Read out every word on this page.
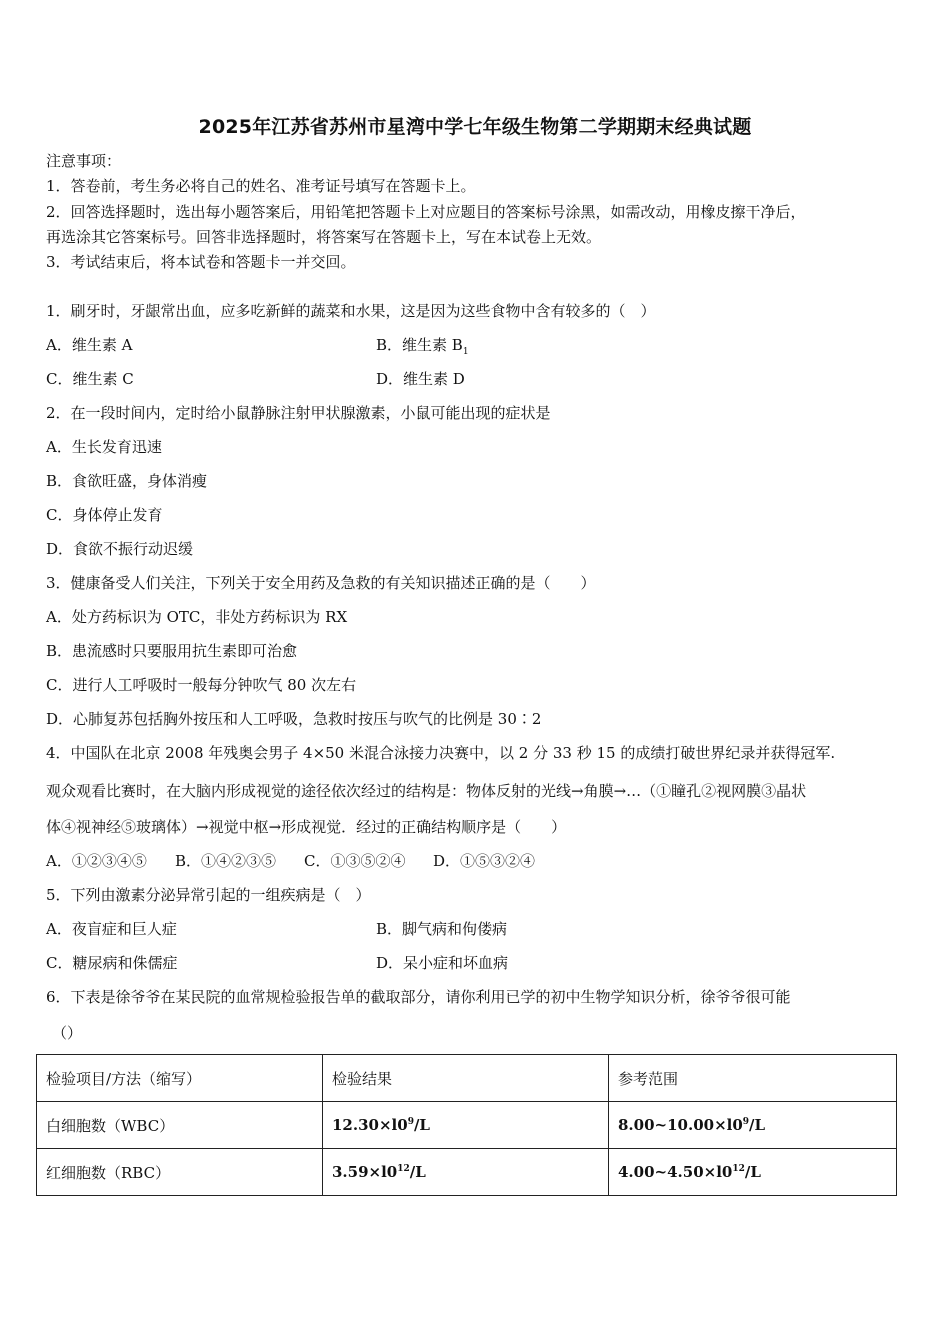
2025年江苏省苏州市星湾中学七年级生物第二学期期末经典试题
注意事项：
1．答卷前，考生务必将自己的姓名、准考证号填写在答题卡上。
2．回答选择题时，选出每小题答案后，用铅笔把答题卡上对应题目的答案标号涂黑，如需改动，用橡皮擦干净后，
再选涂其它答案标号。回答非选择题时，将答案写在答题卡上，写在本试卷上无效。
3．考试结束后，将本试卷和答题卡一并交回。
1．刷牙时，牙龈常出血，应多吃新鲜的蔬菜和水果，这是因为这些食物中含有较多的（　）
A．维生素 A	B．维生素 $B_1$
C．维生素 C	D．维生素 D
2．在一段时间内，定时给小鼠静脉注射甲状腺激素，小鼠可能出现的症状是
A．生长发育迅速
B．食欲旺盛，身体消瘦
C．身体停止发育
D．食欲不振行动迟缓
3．健康备受人们关注，下列关于安全用药及急救的有关知识描述正确的是（　　）
A．处方药标识为 OTC，非处方药标识为 RX
B．患流感时只要服用抗生素即可治愈
C．进行人工呼吸时一般每分钟吹气 80 次左右
D．心肺复苏包括胸外按压和人工呼吸，急救时按压与吹气的比例是 30∶2
4．中国队在北京 2008 年残奥会男子 4×50 米混合泳接力决赛中，以 2 分 33 秒 15 的成绩打破世界纪录并获得冠军.
观众观看比赛时，在大脑内形成视觉的途径依次经过的结构是：物体反射的光线→角膜→…（①瞳孔②视网膜③晶状
体④视神经⑤玻璃体）→视觉中枢→形成视觉．经过的正确结构顺序是（　　）
A．①②③④⑤ B．①④②③⑤ C．①③⑤②④ D．①⑤③②④
5．下列由激素分泌异常引起的一组疾病是（　）
A．夜盲症和巨人症	B．脚气病和佝偻病
C．糖尿病和侏儒症	D．呆小症和坏血病
6．下表是徐爷爷在某民院的血常规检验报告单的截取部分，请你利用已学的初中生物学知识分析，徐爷爷很可能
（）
检验项目/方法（缩写）	检验结果	参考范围
白细胞数（WBC）	$12.30\times l0^9/L$	$8.00\sim 10.00\times l0^9/L$
红细胞数（RBC）	$3.59\times l0^{12}/L$	$4.00\sim 4.50\times l0^{12}/L$
